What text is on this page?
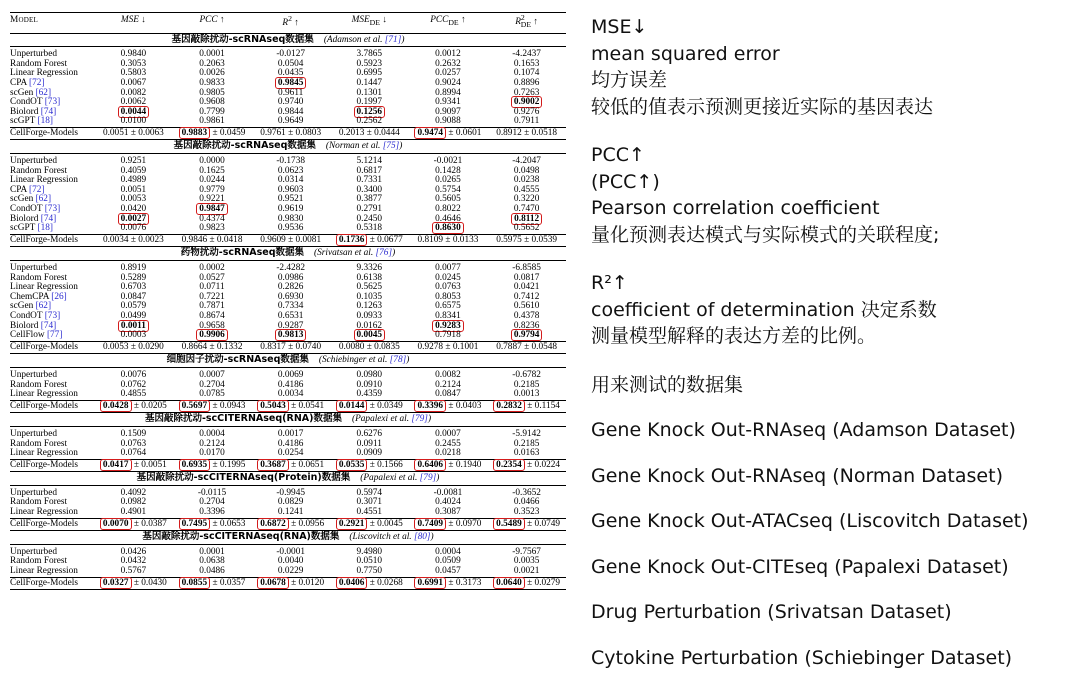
Model	MSE ↓	PCC ↑	$R^2$ ↑	$MSE_{DE}$ ↓	$PCC_{DE}$ ↑	$R^2_{DE}$ ↑
基因敲除扰动-scRNAseq数据集 (Adamson et al. [71])						
Unperturbed	0.9840	0.0001	-0.0127	3.7865	0.0012	-4.2437
Random Forest	0.3053	0.2063	0.0504	0.5923	0.2632	0.1653
Linear Regression	0.5803	0.0026	0.0435	0.6995	0.0257	0.1074
CPA [72]	0.0067	0.9833	0.9845	0.1447	0.9024	0.8896
scGen [62]	0.0082	0.9805	0.9611	0.1301	0.8994	0.7263
CondOT [73]	0.0062	0.9608	0.9740	0.1997	0.9341	0.9002
Biolord [74]	0.0044	0.7799	0.9844	0.1256	0.9097	0.9276
scGPT [18]	0.0100	0.9861	0.9649	0.2562	0.9088	0.7911
CellForge-Models	0.0051 ± 0.0063	0.9883 ± 0.0459	0.9761 ± 0.0803	0.2013 ± 0.0444	0.9474 ± 0.0601	0.8912 ± 0.0518
基因敲除扰动-scRNAseq数据集 (Norman et al. [75])						
Unperturbed	0.9251	0.0000	-0.1738	5.1214	-0.0021	-4.2047
Random Forest	0.4059	0.1625	0.0623	0.6817	0.1428	0.0498
Linear Regression	0.4989	0.0244	0.0314	0.7331	0.0265	0.0238
CPA [72]	0.0051	0.9779	0.9603	0.3400	0.5754	0.4555
scGen [62]	0.0053	0.9221	0.9521	0.3877	0.5605	0.3220
CondOT [73]	0.0420	0.9847	0.9619	0.2791	0.8022	0.7470
Biolord [74]	0.0027	0.4374	0.9830	0.2450	0.4646	0.8112
scGPT [18]	0.0076	0.9823	0.9536	0.5318	0.8630	0.5652
CellForge-Models	0.0034 ± 0.0023	0.9846 ± 0.0418	0.9609 ± 0.0081	0.1736 ± 0.0677	0.8109 ± 0.0133	0.5975 ± 0.0539
药物扰动-scRNAseq数据集 (Srivatsan et al. [76])						
Unperturbed	0.8919	0.0002	-2.4282	9.3326	0.0077	-6.8585
Random Forest	0.5289	0.0527	0.0986	0.6138	0.0245	0.0817
Linear Regression	0.6703	0.0711	0.2826	0.5625	0.0763	0.0421
ChemCPA [26]	0.0847	0.7221	0.6930	0.1035	0.8053	0.7412
scGen [62]	0.0579	0.7871	0.7334	0.1263	0.6575	0.5610
CondOT [73]	0.0499	0.8674	0.6531	0.0933	0.8341	0.4378
Biolord [74]	0.0011	0.9658	0.9287	0.0162	0.9283	0.8236
CellFlow [77]	0.0003	0.9906	0.9813	0.0045	0.7918	0.9794
CellForge-Models	0.0053 ± 0.0290	0.8664 ± 0.1332	0.8317 ± 0.0740	0.0080 ± 0.0835	0.9278 ± 0.1001	0.7887 ± 0.0548
细胞因子扰动-scRNAseq数据集 (Schiebinger et al. [78])						
Unperturbed	0.0076	0.0007	0.0069	0.0980	0.0082	-0.6782
Random Forest	0.0762	0.2704	0.4186	0.0910	0.2124	0.2185
Linear Regression	0.4855	0.0785	0.0034	0.4359	0.0847	0.0013
CellForge-Models	0.0428 ± 0.0205	0.5697 ± 0.0943	0.5043 ± 0.0541	0.0144 ± 0.0349	0.3396 ± 0.0403	0.2832 ± 0.1154
基因敲除扰动-scCITERNAseq(RNA)数据集 (Papalexi et al. [79])						
Unperturbed	0.1509	0.0004	0.0017	0.6276	0.0007	-5.9142
Random Forest	0.0763	0.2124	0.4186	0.0911	0.2455	0.2185
Linear Regression	0.0764	0.0170	0.0254	0.0909	0.0218	0.0163
CellForge-Models	0.0417 ± 0.0051	0.6935 ± 0.1995	0.3687 ± 0.0651	0.0535 ± 0.1566	0.6406 ± 0.1940	0.2354 ± 0.0224
基因敲除扰动-scCITERNAseq(Protein)数据集 (Papalexi et al. [79])						
Unperturbed	0.4092	-0.0115	-0.9945	0.5974	-0.0081	-0.3652
Random Forest	0.0982	0.2704	0.0829	0.3071	0.4024	0.0466
Linear Regression	0.4901	0.3396	0.1241	0.4551	0.3087	0.3523
CellForge-Models	0.0070 ± 0.0387	0.7495 ± 0.0653	0.6872 ± 0.0956	0.2921 ± 0.0045	0.7409 ± 0.0970	0.5489 ± 0.0749
基因敲除扰动-scCITERNAseq(RNA)数据集 (Liscovitch et al. [80])						
Unperturbed	0.0426	0.0001	-0.0001	9.4980	0.0004	-9.7567
Random Forest	0.0432	0.0638	0.0040	0.0510	0.0509	0.0035
Linear Regression	0.5767	0.0486	0.0229	0.7750	0.0457	0.0021
CellForge-Models	0.0327 ± 0.0430	0.0855 ± 0.0357	0.0678 ± 0.0120	0.0406 ± 0.0268	0.6991 ± 0.3173	0.0640 ± 0.0279

MSE↓

mean squared error

均方误差

较低的值表示预测更接近实际的基因表达

PCC↑

(PCC↑)

Pearson correlation coefficient

量化预测表达模式与实际模式的关联程度;

R²↑

coefficient of determination 决定系数

测量模型解释的表达方差的比例。

用来测试的数据集

Gene Knock Out-RNAseq (Adamson Dataset)

Gene Knock Out-RNAseq (Norman Dataset)

Gene Knock Out-ATACseq (Liscovitch Dataset)

Gene Knock Out-CITEseq (Papalexi Dataset)

Drug Perturbation (Srivatsan Dataset)

Cytokine Perturbation (Schiebinger Dataset)
